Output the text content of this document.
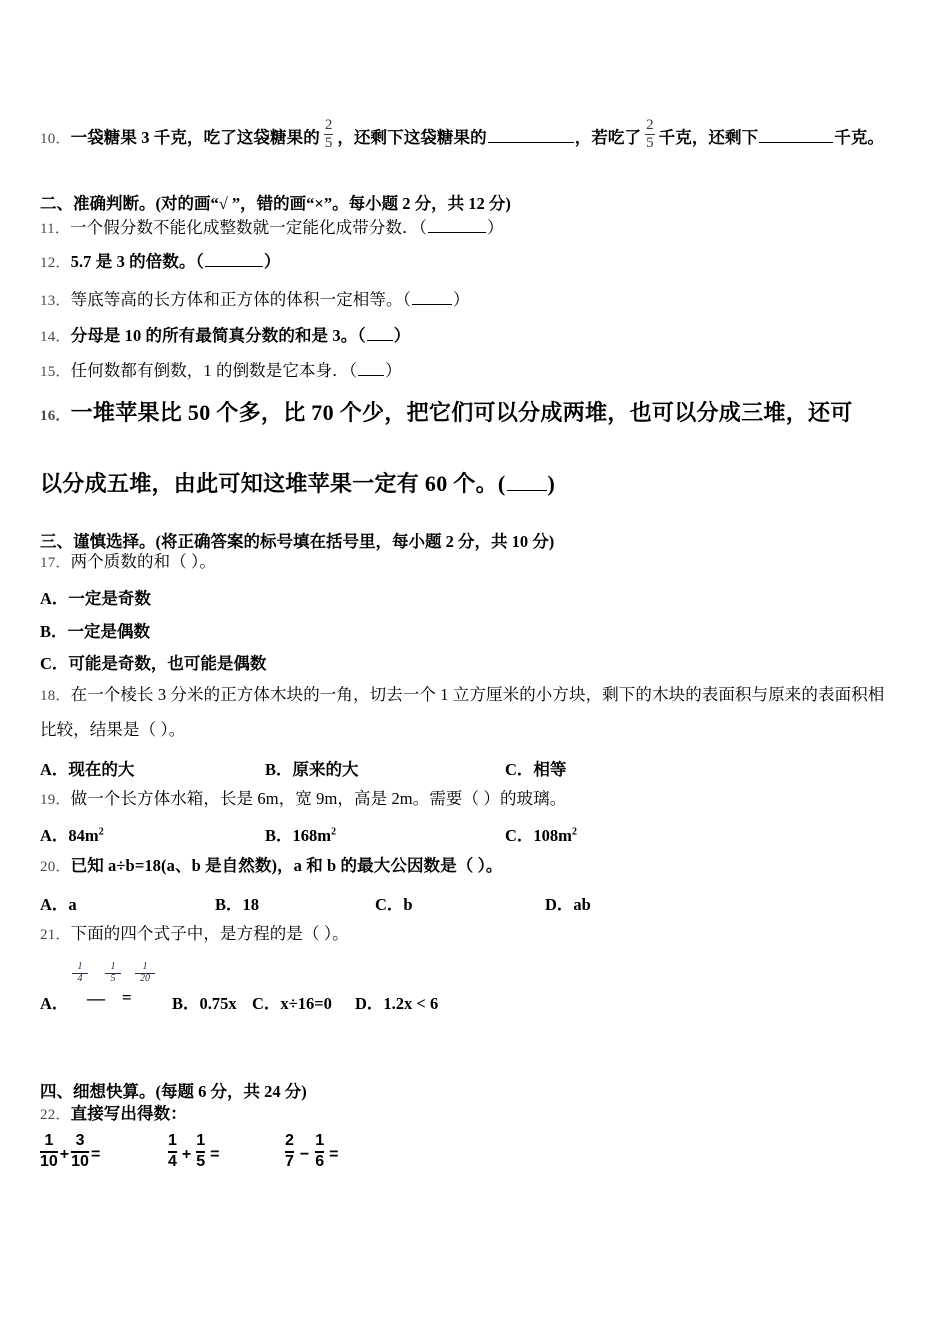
10．一袋糖果 3 千克，吃了这袋糖果的 $\frac{2}{5}$ ，还剩下这袋糖果的	，若吃了 $\frac{2}{5}$ 千克，还剩下	千克。
二、准确判断。(对的画“√ ”，错的画“×”。每小题 2 分，共 12 分)
11．一个假分数不能化成整数就一定能化成带分数．（	）
12．5.7 是 3 的倍数。（	）
13．等底等高的长方体和正方体的体积一定相等。（	）
14．分母是 10 的所有最简真分数的和是 3。（ ）
15．任何数都有倒数，1 的倒数是它本身．（ ）
16．一堆苹果比 50 个多，比 70 个少，把它们可以分成两堆，也可以分成三堆，还可
以分成五堆，由此可知这堆苹果一定有 60 个。( )
三、谨慎选择。(将正确答案的标号填在括号里，每小题 2 分，共 10 分)
17．两个质数的和（ ）。
A．一定是奇数
B．一定是偶数
C．可能是奇数，也可能是偶数
18．在一个棱长 3 分米的正方体木块的一角，切去一个 1 立方厘米的小方块，剩下的木块的表面积与原来的表面积相
比较，结果是（ ）。
A．现在的大	B．原来的大	C．相等
19．做一个长方体水箱，长是 6m，宽 9m，高是 2m。需要（ ）的玻璃。
A．$84m^2$	B．$168m^2$	C．$108m^2$
20．已知 a÷b=18(a、b 是自然数)，a 和 b 的最大公因数是（ ）。
A．a	B．18	C．b	D．ab
21．下面的四个式子中，是方程的是（ ）。
A．
1
4
—
1
5
=
1
20
B．0.75x C．x÷16=0 D．1.2x < 6
四、细想快算。(每题 6 分，共 24 分)
22．直接写出得数：
$\frac{1}{10} + \frac{3}{10}$ =	$\frac{1}{4} + \frac{1}{5}$ =	$\frac{2}{7} - \frac{1}{6}$ =
